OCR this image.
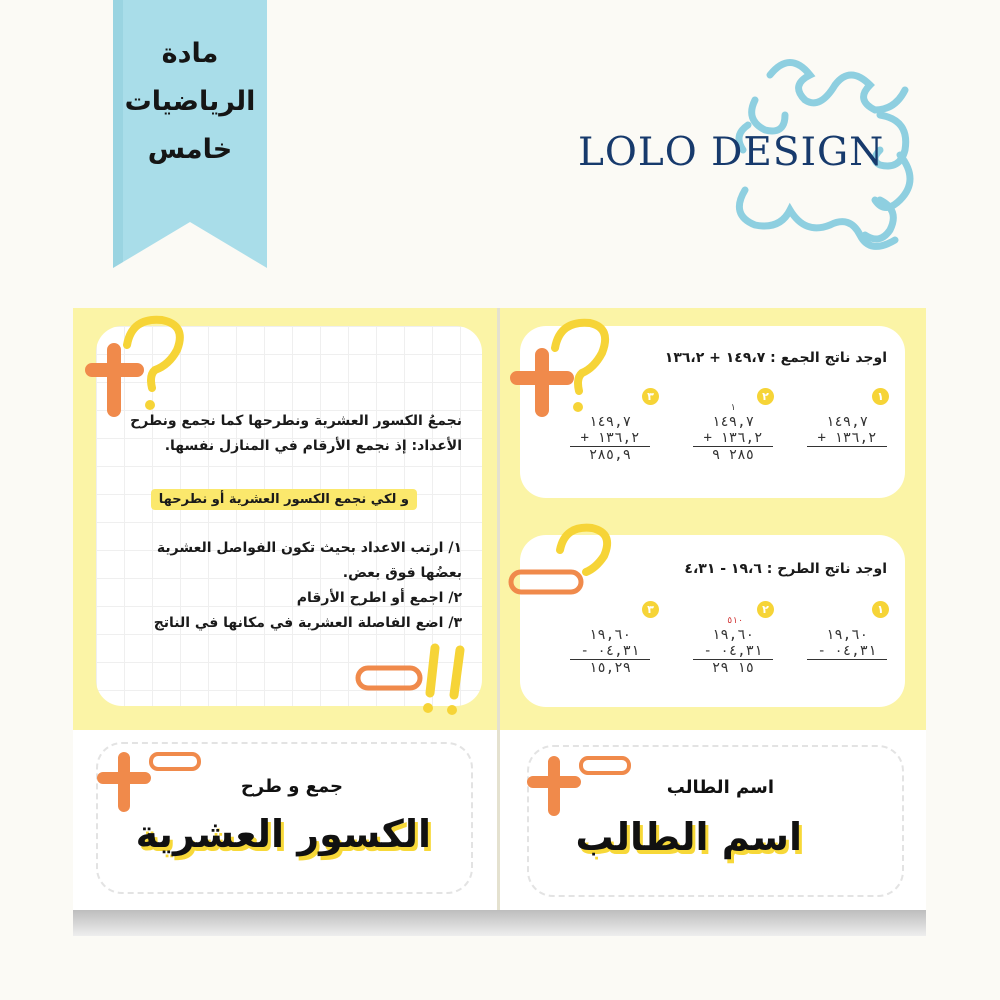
مادة
الرياضيات
خامس	LOLO DESIGN
نجمعُ الكسور العشرية ونطرحها كما نجمع ونطرح الأعداد: إذ نجمع الأرقام في المنازل نفسها.
و لكي نجمع الكسور العشرية أو نطرحها
١/ ارتب الاعداد بحيث تكون الفواصل العشرية بعضُها فوق بعض.
٢/ اجمع أو اطرح الأرقام
٣/ اضع الفاصلة العشرية في مكانها في الناتج
اوجد ناتج الجمع : ١٤٩،٧ + ١٣٦،٢
١
٢
٣
١٤٩,٧
١٣٦,٢ +
١
١٤٩,٧
١٣٦,٢ +
٢٨٥ ٩
١٤٩,٧
١٣٦,٢ +
٢٨٥,٩
اوجد ناتج الطرح : ١٩،٦ - ٤،٣١
١
٢
٣
١٩,٦٠
٠٤,٣١ -
٥١٠
١٩,٦٠
٠٤,٣١ -
١٥ ٢٩
١٩,٦٠
٠٤,٣١ -
١٥,٢٩
جمع و طرح
الكسور العشرية
اسم الطالب
اسم الطالب
